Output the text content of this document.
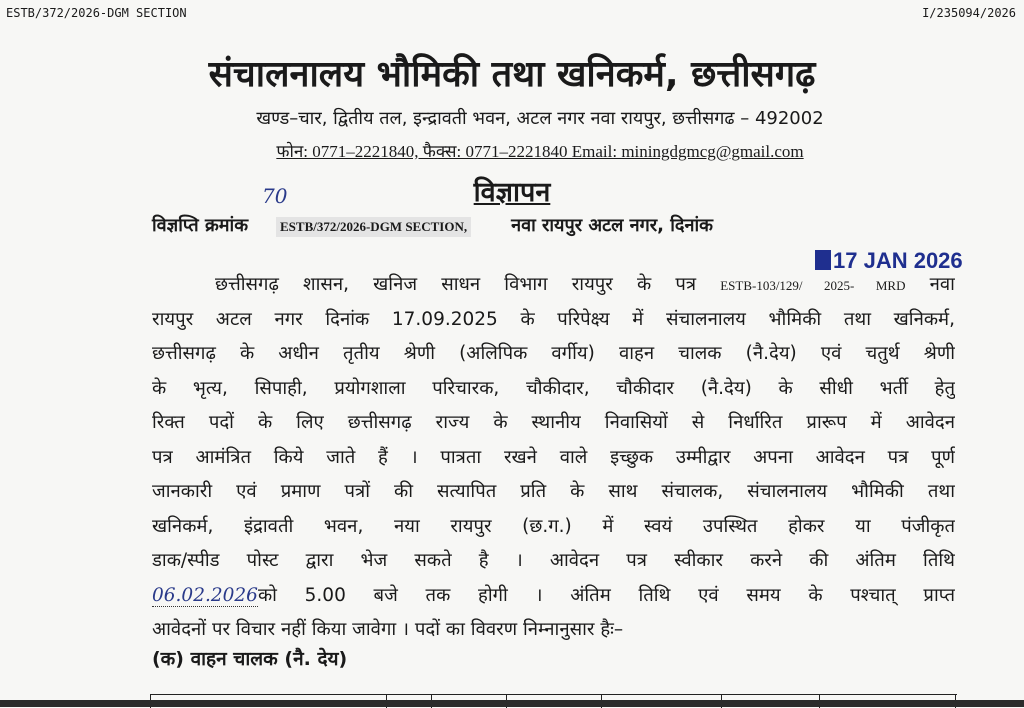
ESTB/372/2026-DGM SECTION	I/235094/2026
संचालनालय भौमिकी तथा खनिकर्म, छत्तीसगढ़
खण्ड–चार, द्वितीय तल, इन्द्रावती भवन, अटल नगर नवा रायपुर, छत्तीसगढ – 492002
फोन: 0771–2221840, फैक्स: 0771–2221840 Email: miningdgmcg@gmail.com
विज्ञापन
70
विज्ञप्ति क्रमांक	ESTB/372/2026-DGM SECTION, नवा रायपुर अटल नगर, दिनांक
17 JAN 2026
छत्तीसगढ़ शासन, खनिज साधन विभाग रायपुर के पत्र ESTB-103/129/ 2025- MRD नवा
रायपुर अटल नगर दिनांक 17.09.2025 के परिपेक्ष्य में संचालनालय भौमिकी तथा खनिकर्म,
छत्तीसगढ़ के अधीन तृतीय श्रेणी (अलिपिक वर्गीय) वाहन चालक (नै.देय) एवं चतुर्थ श्रेणी
के भृत्य, सिपाही, प्रयोगशाला परिचारक, चौकीदार, चौकीदार (नै.देय) के सीधी भर्ती हेतु
रिक्त पदों के लिए छत्तीसगढ़ राज्य के स्थानीय निवासियों से निर्धारित प्रारूप में आवेदन
पत्र आमंत्रित किये जाते हैं । पात्रता रखने वाले इच्छुक उम्मीद्वार अपना आवेदन पत्र पूर्ण
जानकारी एवं प्रमाण पत्रों की सत्यापित प्रति के साथ संचालक, संचालनालय भौमिकी तथा
खनिकर्म, इंद्रावती भवन, नया रायपुर (छ.ग.) में स्वयं उपस्थित होकर या पंजीकृत
डाक/स्पीड पोस्ट द्वारा भेज सकते है । आवेदन पत्र स्वीकार करने की अंतिम तिथि
06.02.2026को 5.00 बजे तक होगी । अंतिम तिथि एवं समय के पश्चात् प्राप्त
आवेदनों पर विचार नहीं किया जावेगा । पदों का विवरण निम्नानुसार हैः–
(क) वाहन चालक (नै. देय)
